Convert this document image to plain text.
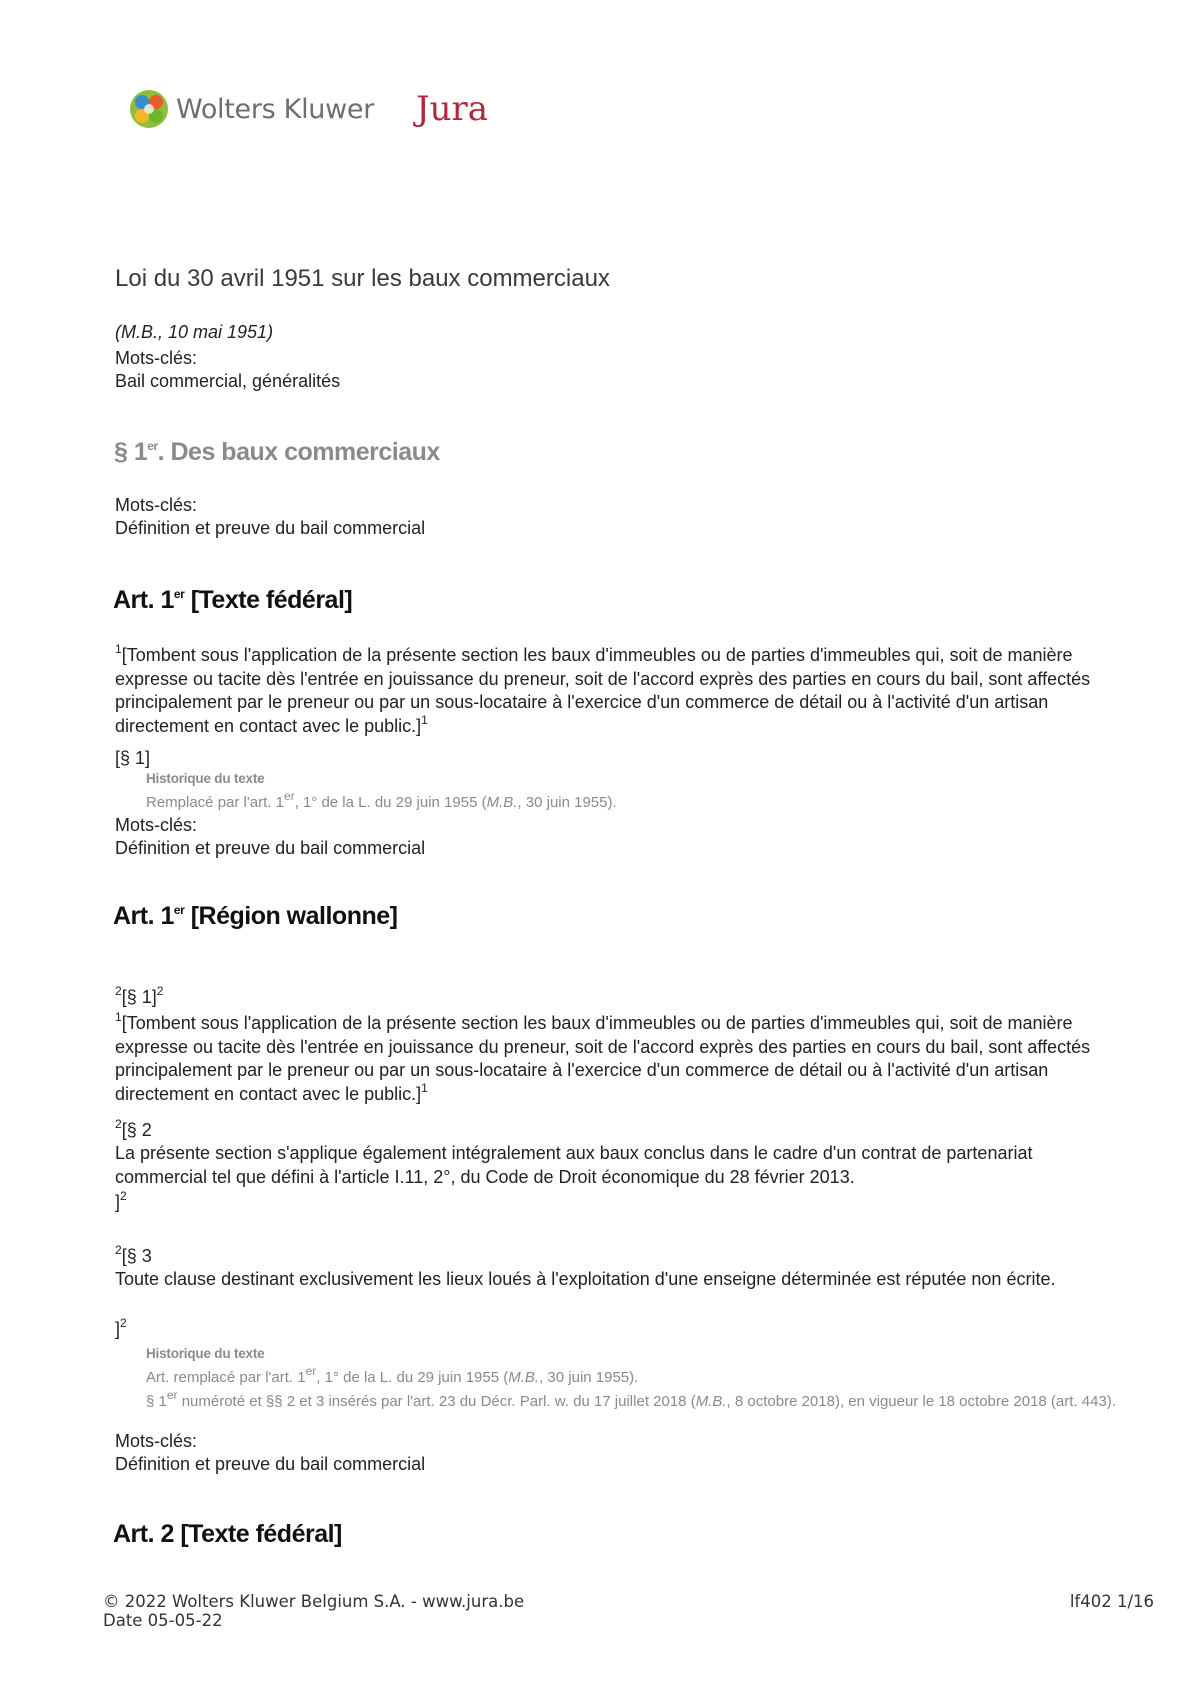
Wolters Kluwer Jura
Loi du 30 avril 1951 sur les baux commerciaux
(M.B., 10 mai 1951)
Mots-clés:
Bail commercial, généralités
§ 1er. Des baux commerciaux
Mots-clés:
Définition et preuve du bail commercial
Art. 1er [Texte fédéral]
$^1$[Tombent sous l'application de la présente section les baux d'immeubles ou de parties d'immeubles qui, soit de manière expresse ou tacite dès l'entrée en jouissance du preneur, soit de l'accord exprès des parties en cours du bail, sont affectés principalement par le preneur ou par un sous-locataire à l'exercice d'un commerce de détail ou à l'activité d'un artisan directement en contact avec le public.]$^1$
[§ 1]
Historique du texte
Remplacé par l'art. 1er, 1° de la L. du 29 juin 1955 (M.B., 30 juin 1955).
Mots-clés:
Définition et preuve du bail commercial
Art. 1er [Région wallonne]
$^2$[§ 1]$^2$
$^1$[Tombent sous l'application de la présente section les baux d'immeubles ou de parties d'immeubles qui, soit de manière expresse ou tacite dès l'entrée en jouissance du preneur, soit de l'accord exprès des parties en cours du bail, sont affectés principalement par le preneur ou par un sous-locataire à l'exercice d'un commerce de détail ou à l'activité d'un artisan directement en contact avec le public.]$^1$
$^2$[§ 2
La présente section s'applique également intégralement aux baux conclus dans le cadre d'un contrat de partenariat commercial tel que défini à l'article I.11, 2°, du Code de Droit économique du 28 février 2013.
]$^2$
$^2$[§ 3
Toute clause destinant exclusivement les lieux loués à l'exploitation d'une enseigne déterminée est réputée non écrite.
]$^2$
Historique du texte
Art. remplacé par l'art. 1er, 1° de la L. du 29 juin 1955 (M.B., 30 juin 1955).
§ 1er numéroté et §§ 2 et 3 insérés par l'art. 23 du Décr. Parl. w. du 17 juillet 2018 (M.B., 8 octobre 2018), en vigueur le 18 octobre 2018 (art. 443).
Mots-clés:
Définition et preuve du bail commercial
Art. 2 [Texte fédéral]
© 2022 Wolters Kluwer Belgium S.A. - www.jura.be
Date 05-05-22
lf402 1/16
